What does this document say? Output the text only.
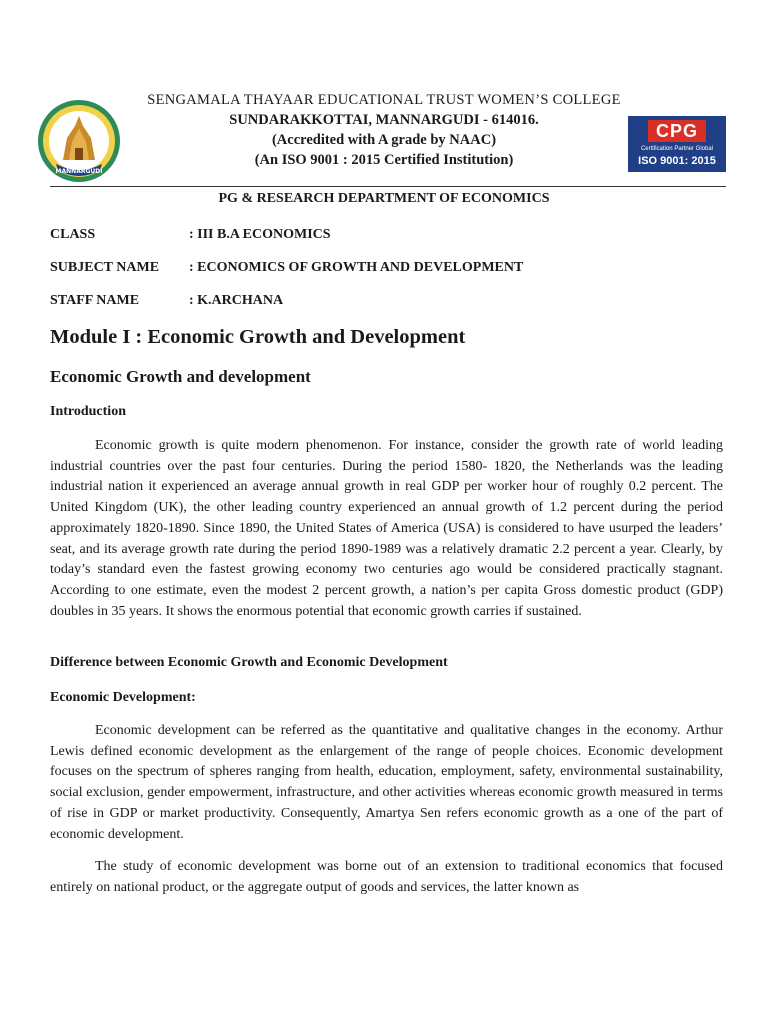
MANNARGUDI
CPG
Certification Partner Global
ISO 9001: 2015
SENGAMALA THAYAAR EDUCATIONAL TRUST WOMEN’S COLLEGE
SUNDARAKKOTTAI, MANNARGUDI - 614016.
(Accredited with A grade by NAAC)
(An ISO 9001 : 2015 Certified Institution)
PG & RESEARCH DEPARTMENT OF ECONOMICS
CLASS	: III B.A ECONOMICS
SUBJECT NAME : ECONOMICS OF GROWTH AND DEVELOPMENT
STAFF NAME	: K.ARCHANA
Module I : Economic Growth and Development
Economic Growth and development
Introduction

Economic growth is quite modern phenomenon. For instance, consider the growth rate of world leading industrial countries over the past four centuries. During the period 1580- 1820, the Netherlands was the leading industrial nation it experienced an average annual growth in real GDP per worker hour of roughly 0.2 percent. The United Kingdom (UK), the other leading country experienced an annual growth of 1.2 percent during the period approximately 1820-1890. Since 1890, the United States of America (USA) is considered to have usurped the leaders’ seat, and its average growth rate during the period 1890-1989 was a relatively dramatic 2.2 percent a year. Clearly, by today’s standard even the fastest growing economy two centuries ago would be considered practically stagnant. According to one estimate, even the modest 2 percent growth, a nation’s per capita Gross domestic product (GDP) doubles in 35 years. It shows the enormous potential that economic growth carries if sustained.

Difference between Economic Growth and Economic Development
Economic Development:

Economic development can be referred as the quantitative and qualitative changes in the economy. Arthur Lewis defined economic development as the enlargement of the range of people choices. Economic development focuses on the spectrum of spheres ranging from health, education, employment, safety, environmental sustainability, social exclusion, gender empowerment, infrastructure, and other activities whereas economic growth measured in terms of rise in GDP or market productivity. Consequently, Amartya Sen refers economic growth as a one of the part of economic development.

The study of economic development was borne out of an extension to traditional economics that focused entirely on national product, or the aggregate output of goods and services, the latter known as
